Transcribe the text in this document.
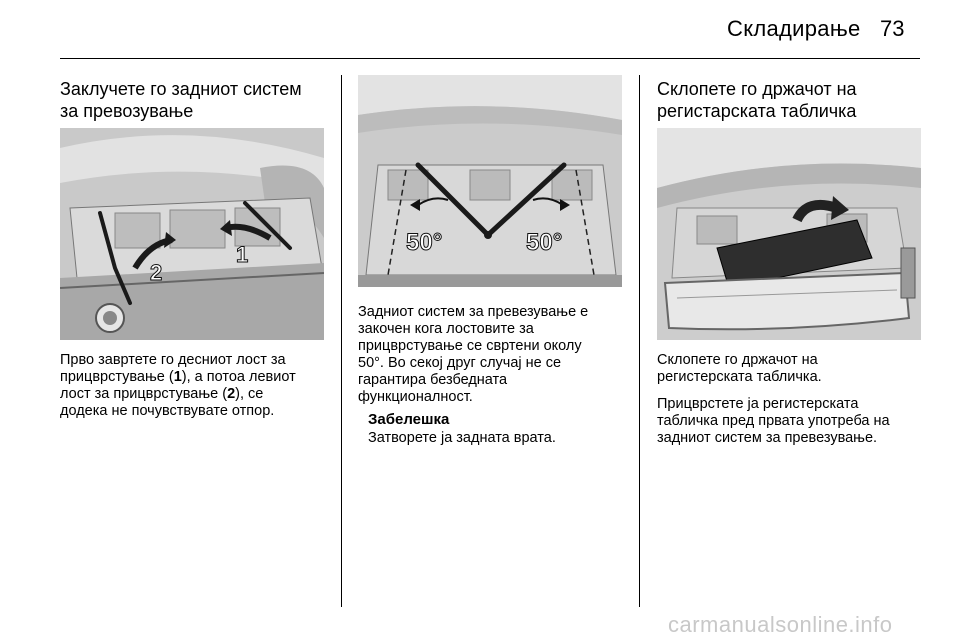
Складирање 73
Заклучете го задниот систем
за превозување
1
2

Прво завртете го десниот лост за
прицврстување (1), а потоа левиот
лост за прицврстување (2), се
додека не почувствувате отпор.

50°	50°

Задниот систем за превезување е
закочен кога лостовите за
прицврстување се свртени околу
50°. Во секој друг случај не се
гарантира безбедната
функционалност.

Забелешка

Затворете ја задната врата.

Склопете го држачот на
регистарската табличка

Склопете го држачот на
регистерската табличка.

Прицврстете ја регистерската
табличка пред првата употреба на
задниот систем за превезување.

carmanualsonline.info
